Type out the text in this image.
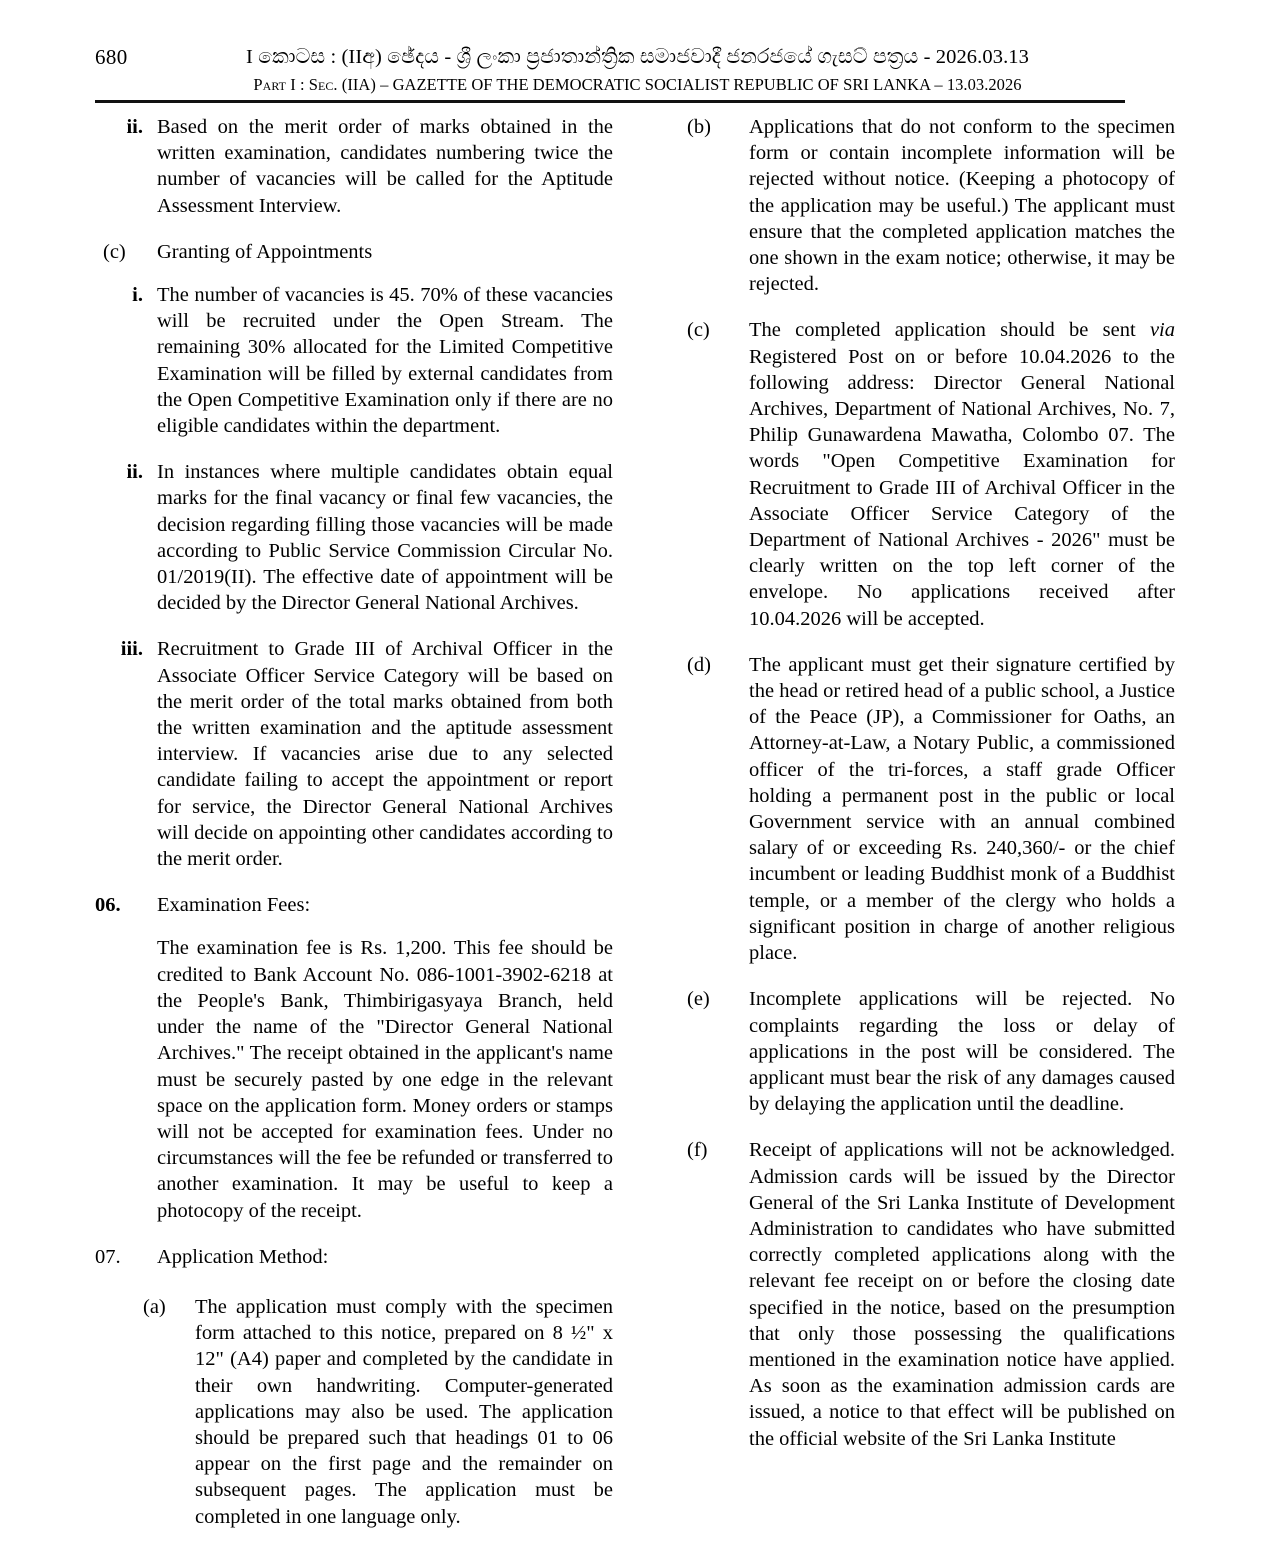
680	I කොටස : (IIඅ) ඡේදය - ශ්‍රී ලංකා ප්‍රජාතාන්ත්‍රික සමාජවාදී ජනරජයේ ගැසට් පත්‍රය - 2026.03.13
Part I : Sec. (IIA) – GAZETTE OF THE DEMOCRATIC SOCIALIST REPUBLIC OF SRI LANKA – 13.03.2026
ii. Based on the merit order of marks obtained in the written examination, candidates numbering twice the number of vacancies will be called for the Aptitude Assessment Interview.
(c)	Granting of Appointments
i. The number of vacancies is 45. 70% of these vacancies will be recruited under the Open Stream. The remaining 30% allocated for the Limited Competitive Examination will be filled by external candidates from the Open Competitive Examination only if there are no eligible candidates within the department.
ii. In instances where multiple candidates obtain equal marks for the final vacancy or final few vacancies, the decision regarding filling those vacancies will be made according to Public Service Commission Circular No. 01/2019(II). The effective date of appointment will be decided by the Director General National Archives.
iii. Recruitment to Grade III of Archival Officer in the Associate Officer Service Category will be based on the merit order of the total marks obtained from both the written examination and the aptitude assessment interview. If vacancies arise due to any selected candidate failing to accept the appointment or report for service, the Director General National Archives will decide on appointing other candidates according to the merit order.
06.	Examination Fees:
The examination fee is Rs. 1,200. This fee should be credited to Bank Account No. 086-1001-3902-6218 at the People's Bank, Thimbirigasyaya Branch, held under the name of the "Director General National Archives." The receipt obtained in the applicant's name must be securely pasted by one edge in the relevant space on the application form. Money orders or stamps will not be accepted for examination fees. Under no circumstances will the fee be refunded or transferred to another examination. It may be useful to keep a photocopy of the receipt.
07.	Application Method:
(a)	The application must comply with the specimen form attached to this notice, prepared on 8 ½" x 12" (A4) paper and completed by the candidate in their own handwriting. Computer-generated applications may also be used. The application should be prepared such that headings 01 to 06 appear on the first page and the remainder on subsequent pages. The application must be completed in one language only.
(b)	Applications that do not conform to the specimen form or contain incomplete information will be rejected without notice. (Keeping a photocopy of the application may be useful.) The applicant must ensure that the completed application matches the one shown in the exam notice; otherwise, it may be rejected.
(c)	The completed application should be sent via Registered Post on or before 10.04.2026 to the following address: Director General National Archives, Department of National Archives, No. 7, Philip Gunawardena Mawatha, Colombo 07. The words "Open Competitive Examination for Recruitment to Grade III of Archival Officer in the Associate Officer Service Category of the Department of National Archives - 2026" must be clearly written on the top left corner of the envelope. No applications received after 10.04.2026 will be accepted.
(d)	The applicant must get their signature certified by the head or retired head of a public school, a Justice of the Peace (JP), a Commissioner for Oaths, an Attorney-at-Law, a Notary Public, a commissioned officer of the tri-forces, a staff grade Officer holding a permanent post in the public or local Government service with an annual combined salary of or exceeding Rs. 240,360/- or the chief incumbent or leading Buddhist monk of a Buddhist temple, or a member of the clergy who holds a significant position in charge of another religious place.
(e)	Incomplete applications will be rejected. No complaints regarding the loss or delay of applications in the post will be considered. The applicant must bear the risk of any damages caused by delaying the application until the deadline.
(f)	Receipt of applications will not be acknowledged. Admission cards will be issued by the Director General of the Sri Lanka Institute of Development Administration to candidates who have submitted correctly completed applications along with the relevant fee receipt on or before the closing date specified in the notice, based on the presumption that only those possessing the qualifications mentioned in the examination notice have applied. As soon as the examination admission cards are issued, a notice to that effect will be published on the official website of the Sri Lanka Institute
